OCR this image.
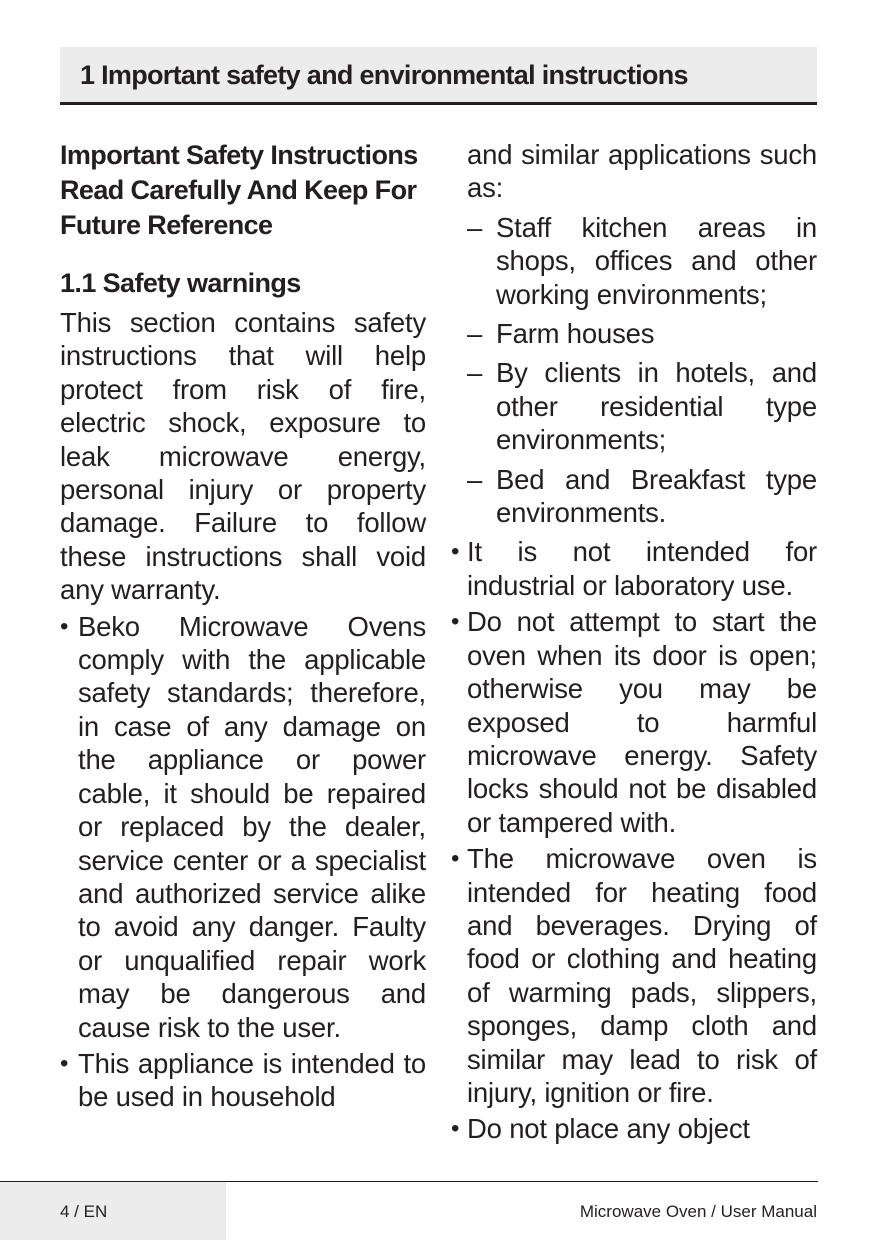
1 Important safety and environmental instructions
Important Safety Instructions
Read Carefully And Keep For
Future Reference
1.1 Safety warnings

This section contains safety instructions that will help protect from risk of fire, electric shock, exposure to leak microwave energy, personal injury or property damage. Failure to follow these instructions shall void any warranty.

• Beko Microwave Ovens comply with the applicable safety standards; therefore, in case of any damage on the appliance or power cable, it should be repaired or replaced by the dealer, service center or a specialist and authorized service alike to avoid any danger. Faulty or unqualified repair work may be dangerous and cause risk to the user.

• This appliance is intended to be used in household

and similar applications such as:

– Staff kitchen areas in shops, offices and other working environments;

– Farm houses

– By clients in hotels, and other residential type environments;

– Bed and Breakfast type environments.

• It is not intended for industrial or laboratory use.

• Do not attempt to start the oven when its door is open; otherwise you may be exposed to harmful microwave energy. Safety locks should not be disabled or tampered with.

• The microwave oven is intended for heating food and beverages. Drying of food or clothing and heating of warming pads, slippers, sponges, damp cloth and similar may lead to risk of injury, ignition or fire.

• Do not place any object

4 / EN	Microwave Oven / User Manual
